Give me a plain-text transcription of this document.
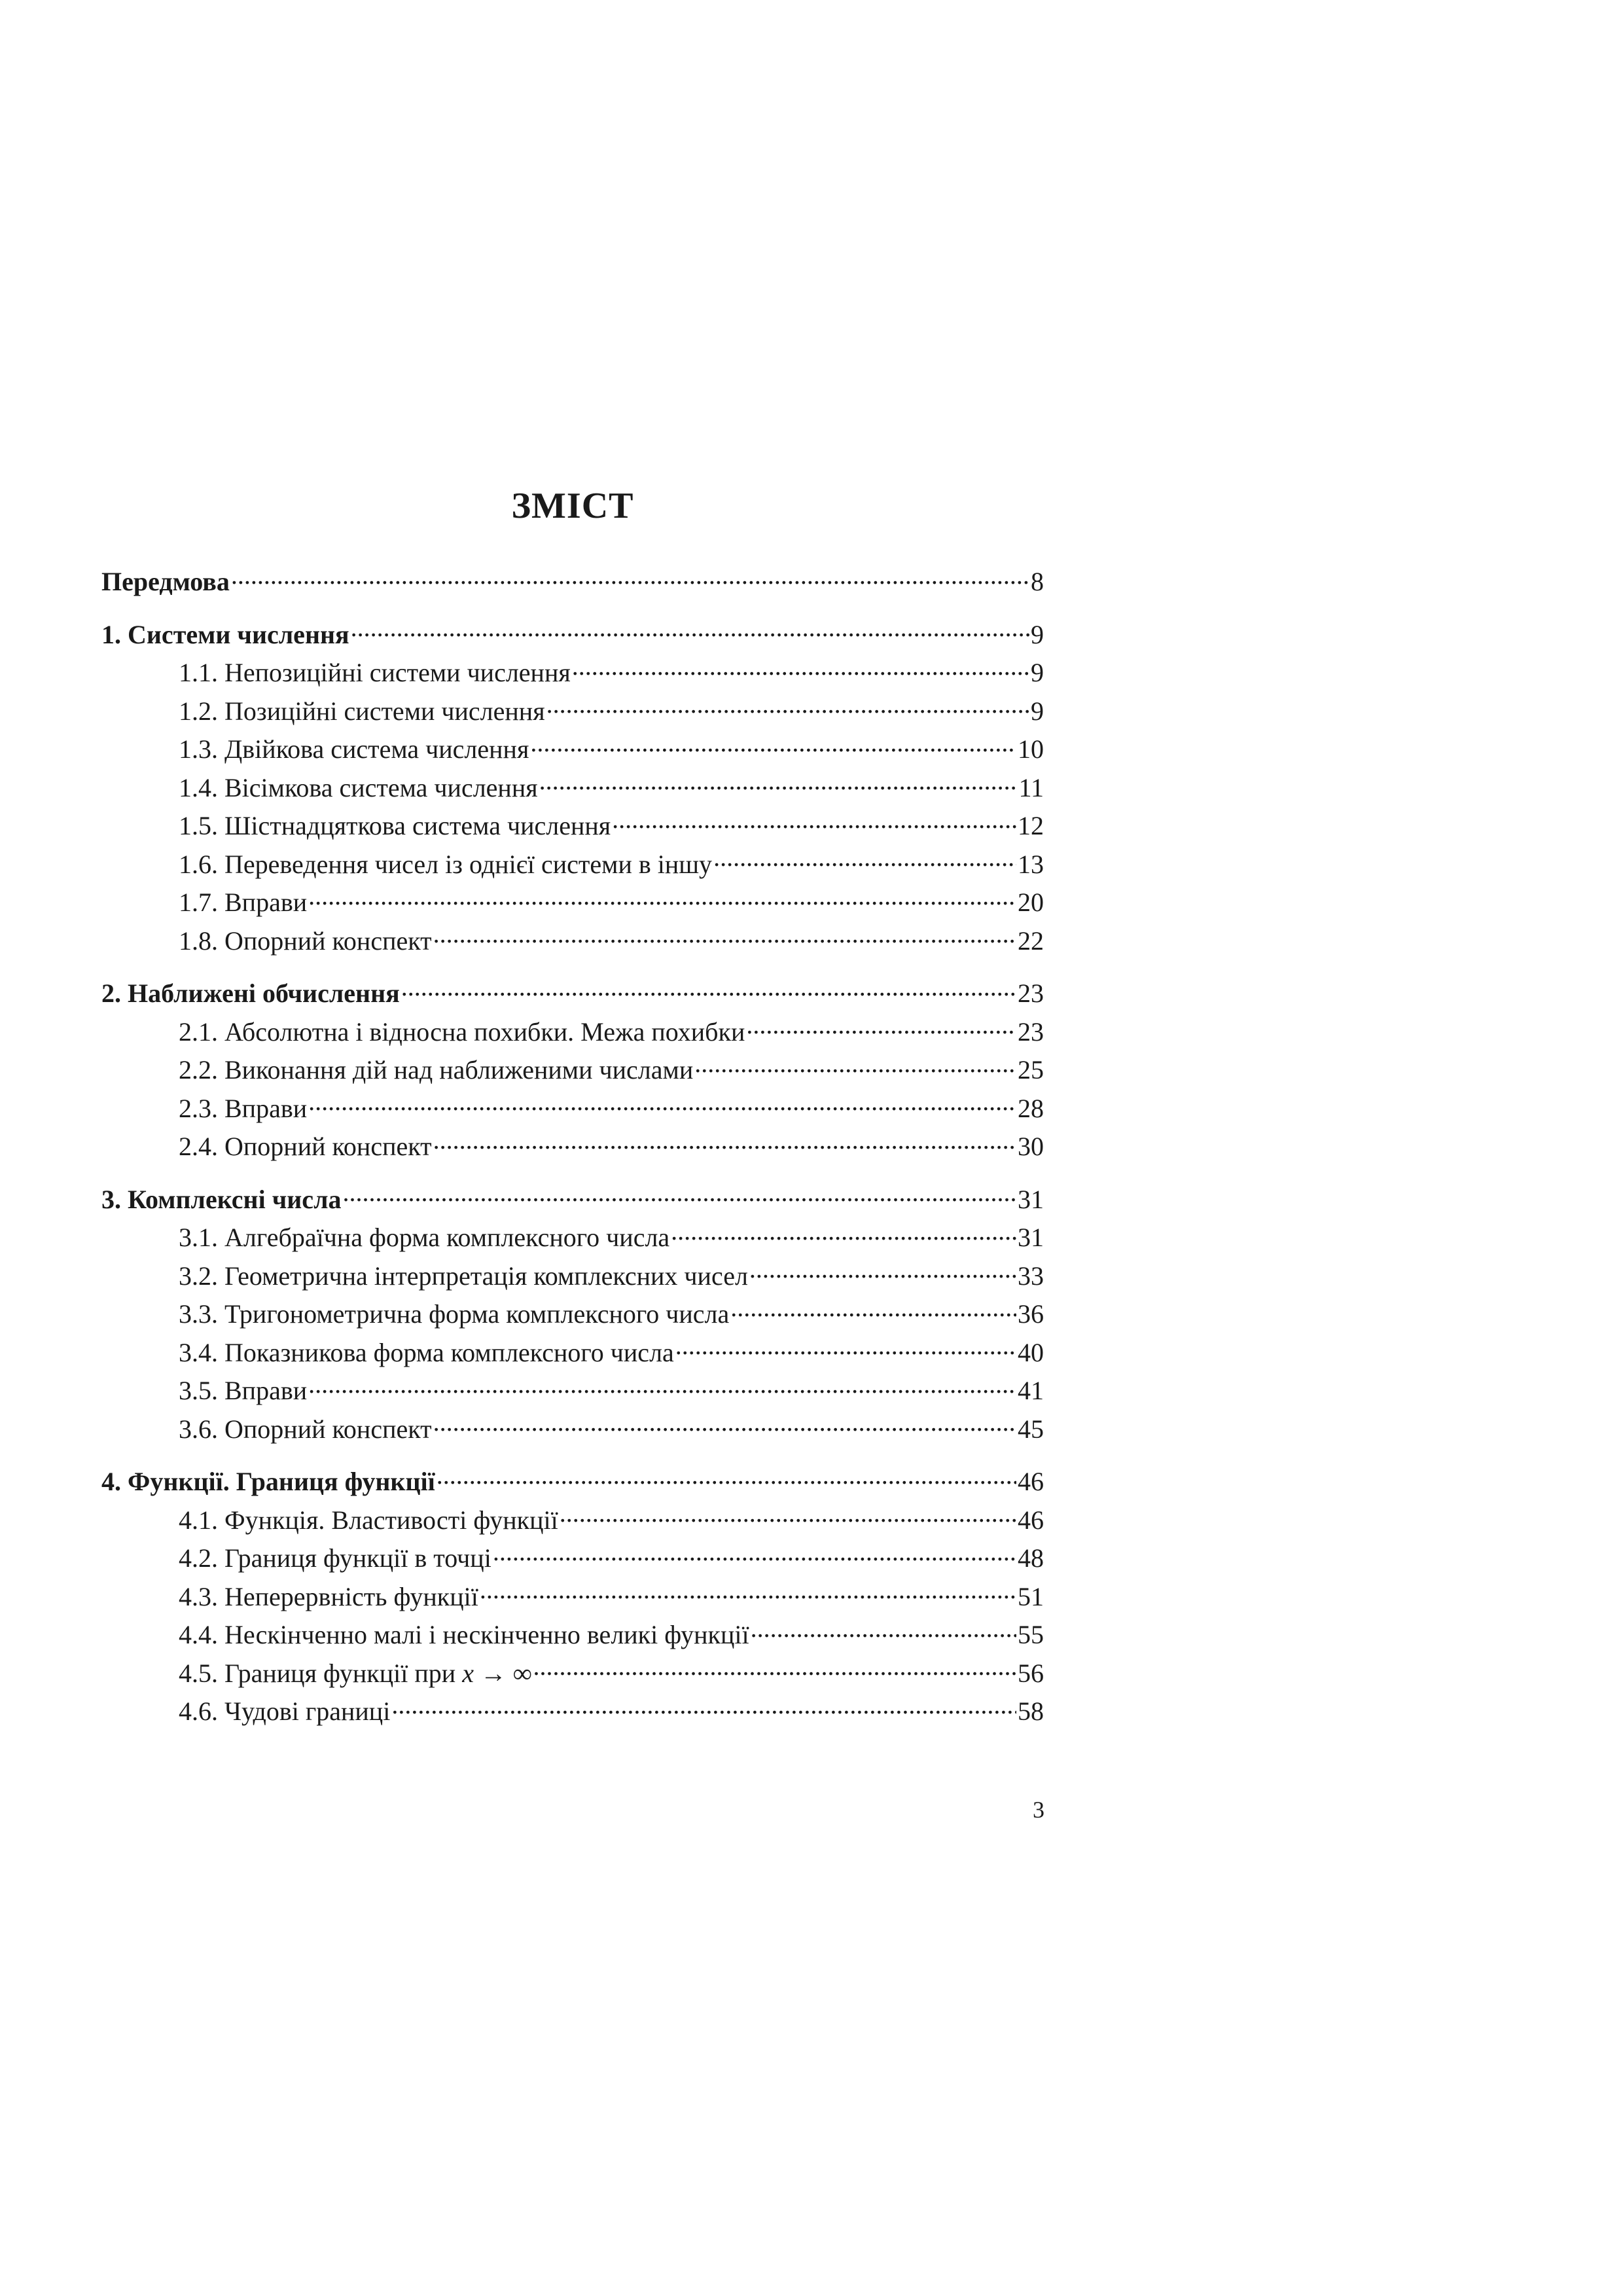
ЗМІСТ
Передмова .....	8
1. Системи числення .....	9
1.1. Непозиційні системи числення .....	9
1.2. Позиційні системи числення .....	9
1.3. Двійкова система числення .....	10
1.4. Вісімкова система числення .....	11
1.5. Шістнадцяткова система числення .....	12
1.6. Переведення чисел із однієї системи в іншу .....	13
1.7. Вправи .....	20
1.8. Опорний конспект .....	22
2. Наближені обчислення .....	23
2.1. Абсолютна і відносна похибки. Межа похибки .....	23
2.2. Виконання дій над наближеними числами .....	25
2.3. Вправи .....	28
2.4. Опорний конспект .....	30
3. Комплексні числа .....	31
3.1. Алгебраїчна форма комплексного числа .....	31
3.2. Геометрична інтерпретація комплексних чисел .....	33
3.3. Тригонометрична форма комплексного числа .....	36
3.4. Показникова форма комплексного числа .....	40
3.5. Вправи .....	41
3.6. Опорний конспект .....	45
4. Функції. Границя функції .....	46
4.1. Функція. Властивості функції .....	46
4.2. Границя функції в точці .....	48
4.3. Неперервність функції .....	51
4.4. Нескінченно малі і нескінченно великі функції .....	55
4.5. Границя функції при x → ∞ .....	56
4.6. Чудові границі .....	58
3
